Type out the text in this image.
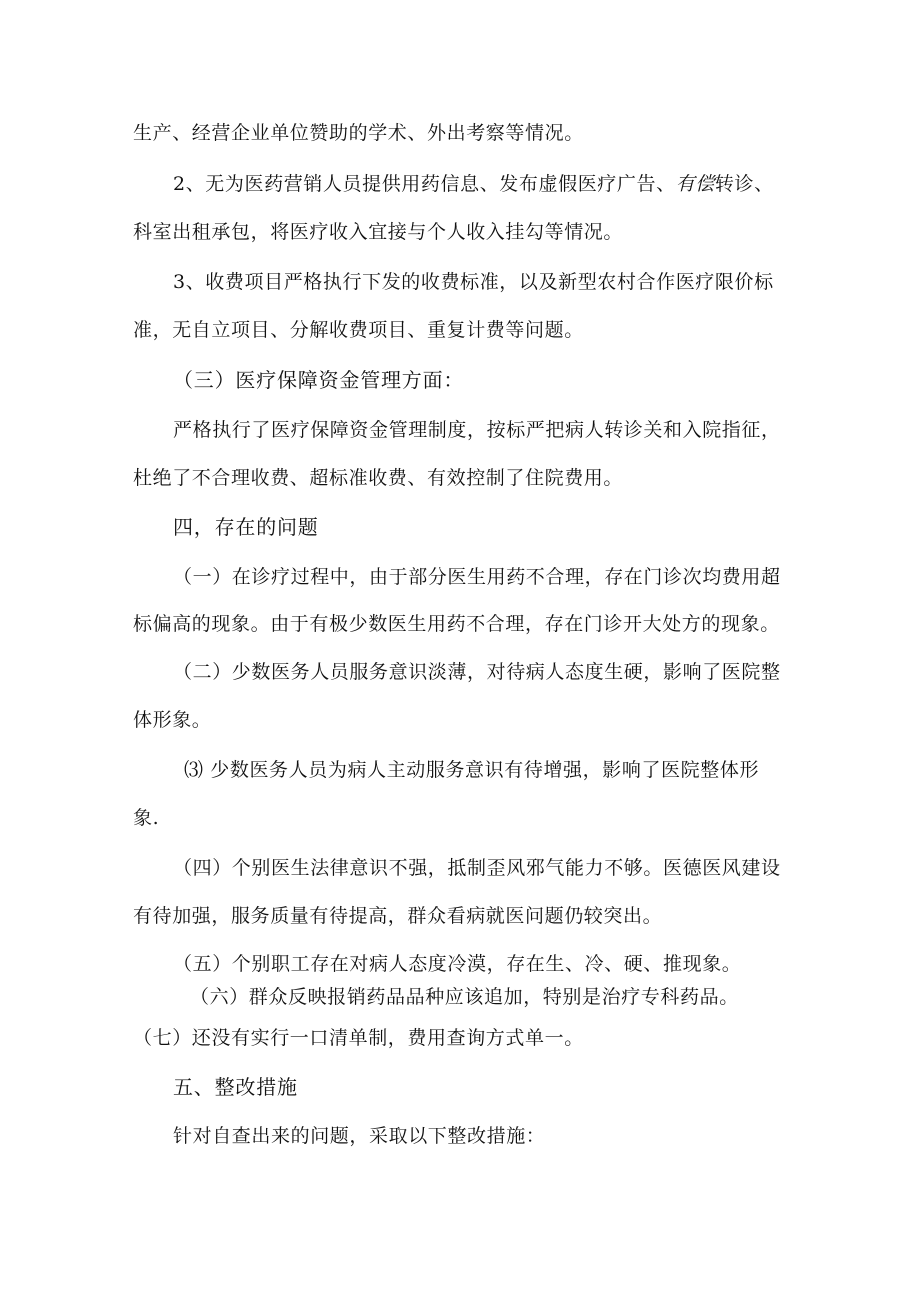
生产、经营企业单位赞助的学术、外出考察等情况。
2、无为医药营销人员提供用药信息、发布虚假医疗广告、有偿转诊、
科室出租承包，将医疗收入宜接与个人收入挂勾等情况。
3、收费项目严格执行下发的收费标准，以及新型农村合作医疗限价标
准，无自立项目、分解收费项目、重复计费等问题。
（三）医疗保障资金管理方面：
严格执行了医疗保障资金管理制度，按标严把病人转诊关和入院指征，
杜绝了不合理收费、超标准收费、有效控制了住院费用。
四，存在的问题
（一）在诊疗过程中，由于部分医生用药不合理，存在门诊次均费用超
标偏高的现象。由于有极少数医生用药不合理，存在门诊开大处方的现象。
（二）少数医务人员服务意识淡薄，对待病人态度生硬，影响了医院整
体形象。
⑶ 少数医务人员为病人主动服务意识有待增强，影响了医院整体形
象.
（四）个别医生法律意识不强，抵制歪风邪气能力不够。医德医风建设
有待加强，服务质量有待提高，群众看病就医问题仍较突出。
（五）个别职工存在对病人态度冷漠，存在生、冷、硬、推现象。
（六）群众反映报销药品品种应该追加，特别是治疗专科药品。
（七）还没有实行一口清单制，费用查询方式单一。
五、整改措施
针对自查出来的问题，采取以下整改措施：
